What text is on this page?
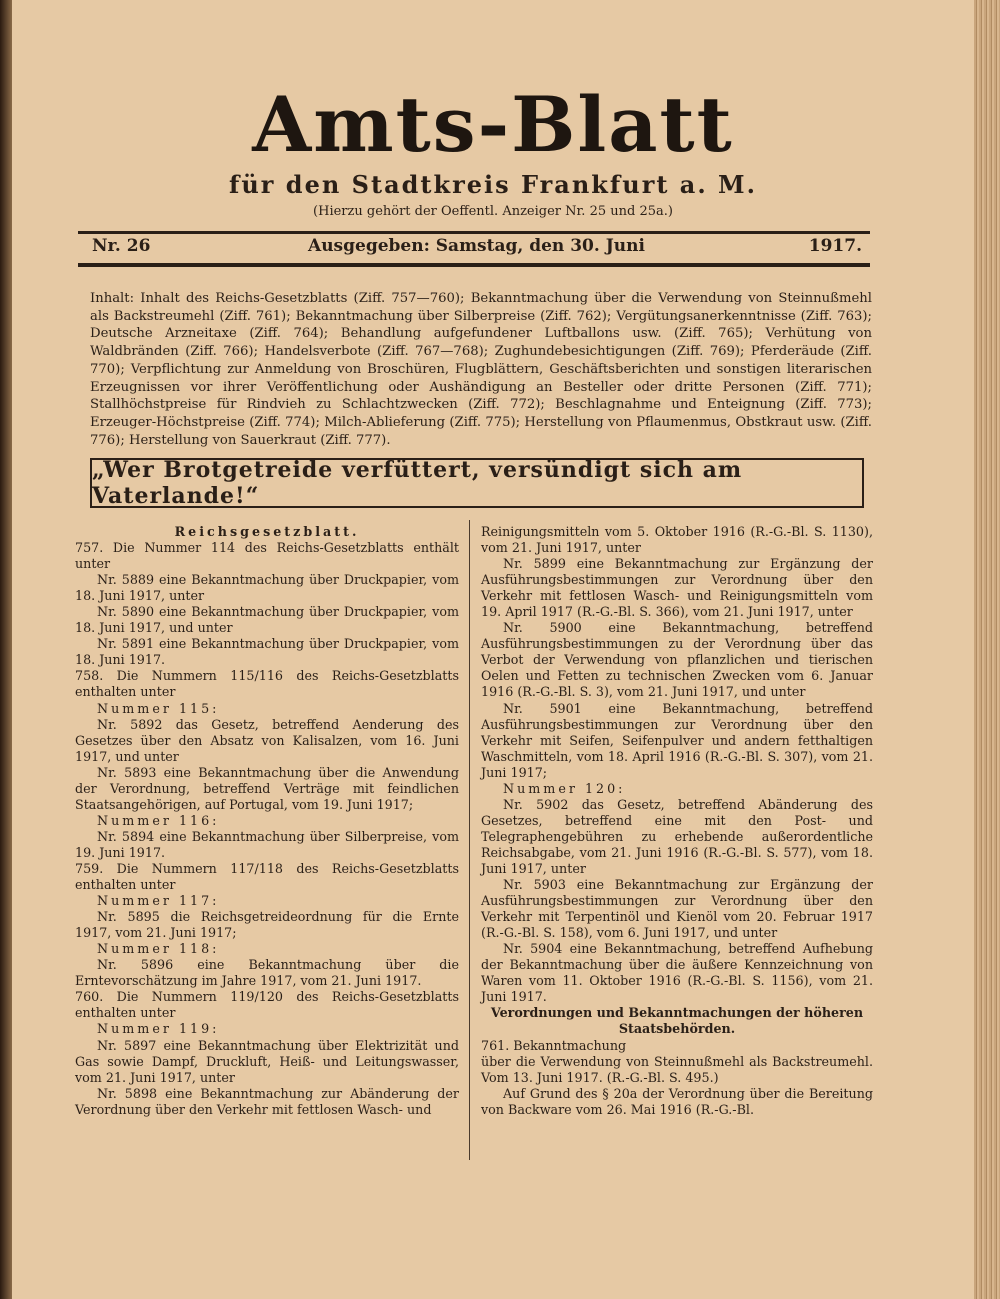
Amts-Blatt
für den Stadtkreis Frankfurt a. M.
(Hierzu gehört der Oeffentl. Anzeiger Nr. 25 und 25a.)
Nr. 26	Ausgegeben: Samstag, den 30. Juni	1917.
Inhalt: Inhalt des Reichs-Gesetzblatts (Ziff. 757—760); Bekanntmachung über die Verwendung von Steinnußmehl als Backstreumehl (Ziff. 761); Bekanntmachung über Silberpreise (Ziff. 762); Vergütungsanerkenntnisse (Ziff. 763); Deutsche Arzneitaxe (Ziff. 764); Behandlung aufgefundener Luftballons usw. (Ziff. 765); Verhütung von Waldbränden (Ziff. 766); Handelsverbote (Ziff. 767—768); Zughundebesichtigungen (Ziff. 769); Pferderäude (Ziff. 770); Verpflichtung zur Anmeldung von Broschüren, Flugblättern, Geschäftsberichten und sonstigen literarischen Erzeugnissen vor ihrer Veröffentlichung oder Aushändigung an Besteller oder dritte Personen (Ziff. 771); Stallhöchstpreise für Rindvieh zu Schlachtzwecken (Ziff. 772); Beschlagnahme und Enteignung (Ziff. 773); Erzeuger-Höchstpreise (Ziff. 774); Milch-Ablieferung (Ziff. 775); Herstellung von Pflaumenmus, Obstkraut usw. (Ziff. 776); Herstellung von Sauerkraut (Ziff. 777).
„Wer Brotgetreide verfüttert, versündigt sich am Vaterlande!“

Reichsgesetzblatt.

757. Die Nummer 114 des Reichs-Gesetzblatts enthält unter

Nr. 5889 eine Bekanntmachung über Druckpapier, vom 18. Juni 1917, unter

Nr. 5890 eine Bekanntmachung über Druckpapier, vom 18. Juni 1917, und unter

Nr. 5891 eine Bekanntmachung über Druckpapier, vom 18. Juni 1917.

758. Die Nummern 115/116 des Reichs-Gesetzblatts enthalten unter

Nummer 115:

Nr. 5892 das Gesetz, betreffend Aenderung des Gesetzes über den Absatz von Kalisalzen, vom 16. Juni 1917, und unter

Nr. 5893 eine Bekanntmachung über die Anwendung der Verordnung, betreffend Verträge mit feindlichen Staatsangehörigen, auf Portugal, vom 19. Juni 1917;

Nummer 116:

Nr. 5894 eine Bekanntmachung über Silberpreise, vom 19. Juni 1917.

759. Die Nummern 117/118 des Reichs-Gesetzblatts enthalten unter

Nummer 117:

Nr. 5895 die Reichsgetreideordnung für die Ernte 1917, vom 21. Juni 1917;

Nummer 118:

Nr. 5896 eine Bekanntmachung über die Erntevorschätzung im Jahre 1917, vom 21. Juni 1917.

760. Die Nummern 119/120 des Reichs-Gesetzblatts enthalten unter

Nummer 119:

Nr. 5897 eine Bekanntmachung über Elektrizität und Gas sowie Dampf, Druckluft, Heiß- und Leitungswasser, vom 21. Juni 1917, unter

Nr. 5898 eine Bekanntmachung zur Abänderung der Verordnung über den Verkehr mit fettlosen Wasch- und

Reinigungsmitteln vom 5. Oktober 1916 (R.-G.-Bl. S. 1130), vom 21. Juni 1917, unter

Nr. 5899 eine Bekanntmachung zur Ergänzung der Ausführungsbestimmungen zur Verordnung über den Verkehr mit fettlosen Wasch- und Reinigungsmitteln vom 19. April 1917 (R.-G.-Bl. S. 366), vom 21. Juni 1917, unter

Nr. 5900 eine Bekanntmachung, betreffend Ausführungsbestimmungen zu der Verordnung über das Verbot der Verwendung von pflanzlichen und tierischen Oelen und Fetten zu technischen Zwecken vom 6. Januar 1916 (R.-G.-Bl. S. 3), vom 21. Juni 1917, und unter

Nr. 5901 eine Bekanntmachung, betreffend Ausführungsbestimmungen zur Verordnung über den Verkehr mit Seifen, Seifenpulver und andern fetthaltigen Waschmitteln, vom 18. April 1916 (R.-G.-Bl. S. 307), vom 21. Juni 1917;

Nummer 120:

Nr. 5902 das Gesetz, betreffend Abänderung des Gesetzes, betreffend eine mit den Post- und Telegraphengebühren zu erhebende außerordentliche Reichsabgabe, vom 21. Juni 1916 (R.-G.-Bl. S. 577), vom 18. Juni 1917, unter

Nr. 5903 eine Bekanntmachung zur Ergänzung der Ausführungsbestimmungen zur Verordnung über den Verkehr mit Terpentinöl und Kienöl vom 20. Februar 1917 (R.-G.-Bl. S. 158), vom 6. Juni 1917, und unter

Nr. 5904 eine Bekanntmachung, betreffend Aufhebung der Bekanntmachung über die äußere Kennzeichnung von Waren vom 11. Oktober 1916 (R.-G.-Bl. S. 1156), vom 21. Juni 1917.

Verordnungen und Bekanntmachungen der höheren Staatsbehörden.

761. Bekanntmachung

über die Verwendung von Steinnußmehl als Backstreumehl. Vom 13. Juni 1917. (R.-G.-Bl. S. 495.)

Auf Grund des § 20a der Verordnung über die Bereitung von Backware vom 26. Mai 1916 (R.-G.-Bl.
